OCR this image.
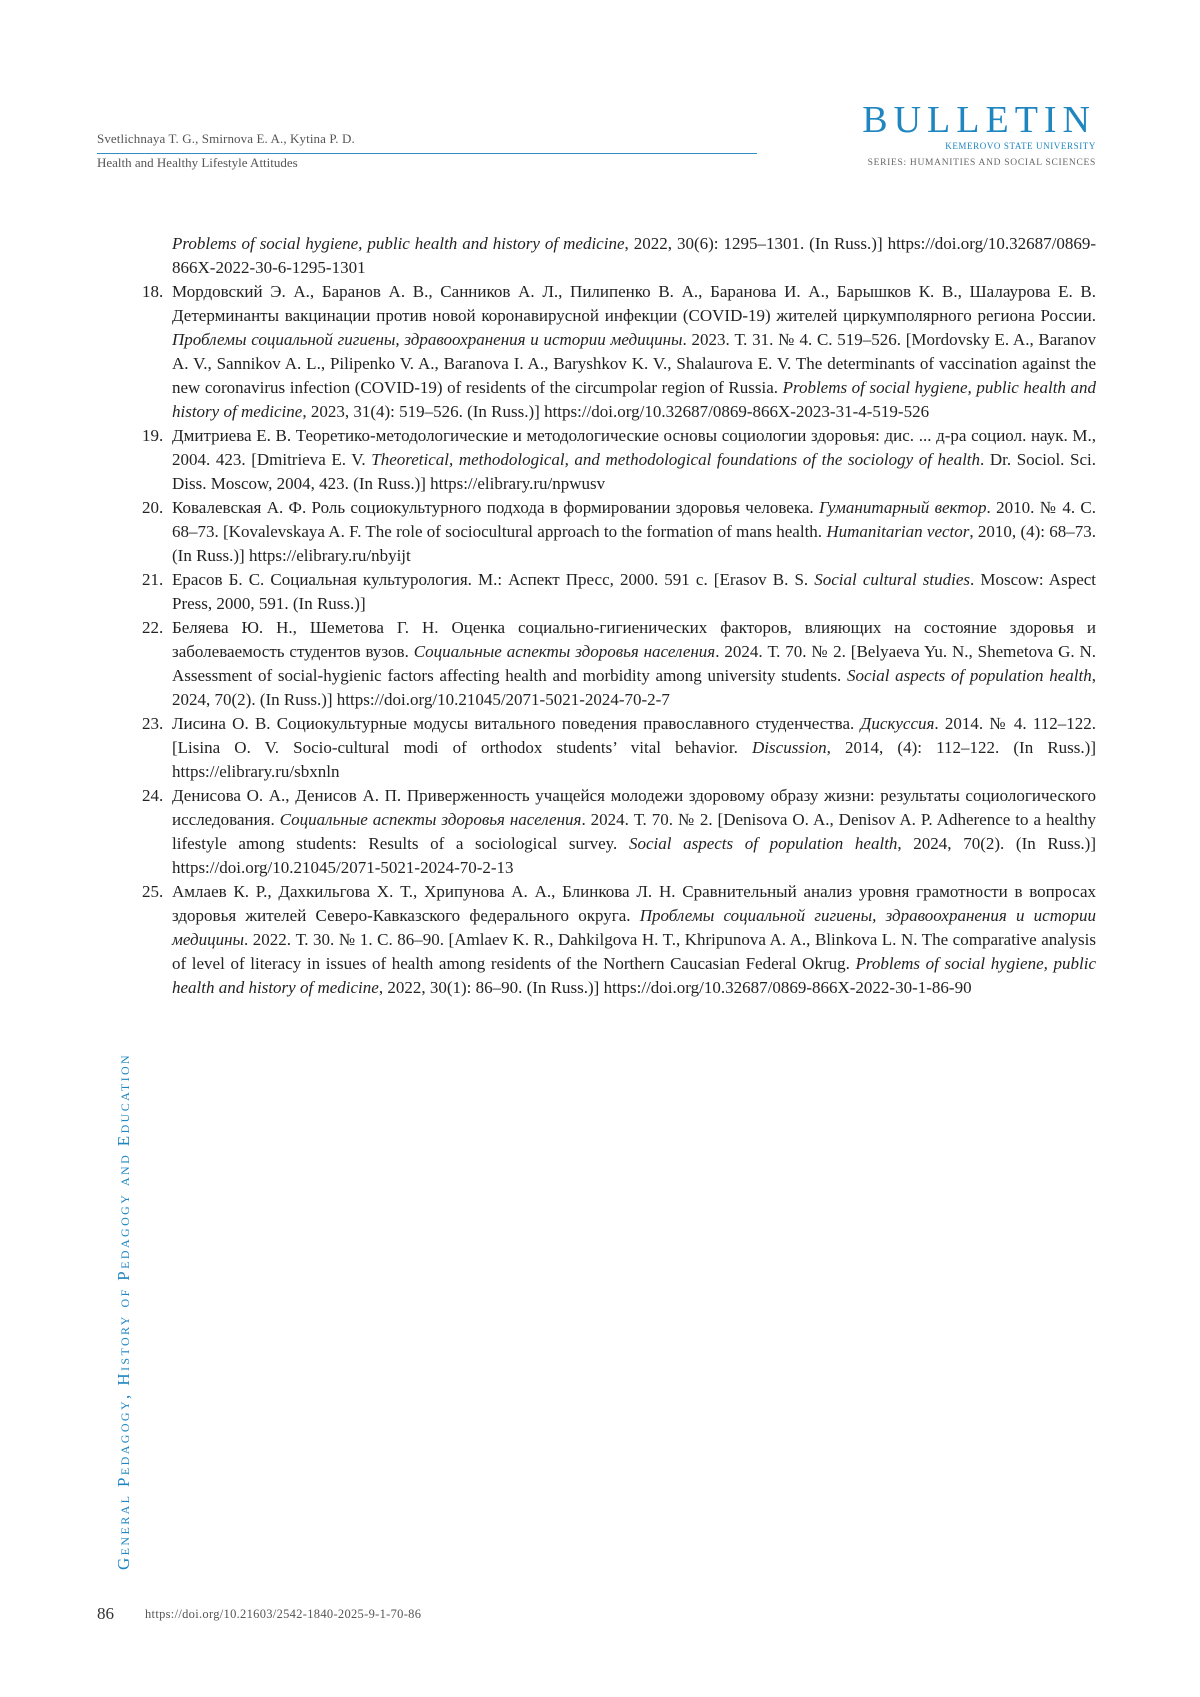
Svetlichnaya T. G., Smirnova E. A., Kytina P. D.
Health and Healthy Lifestyle Attitudes
BULLETIN
KEMEROVO STATE UNIVERSITY
SERIES: HUMANITIES AND SOCIAL SCIENCES
Problems of social hygiene, public health and history of medicine, 2022, 30(6): 1295–1301. (In Russ.)] https://doi.org/10.32687/0869-866X-2022-30-6-1295-1301
18. Мордовский Э. А., Баранов А. В., Санников А. Л., Пилипенко В. А., Баранова И. А., Барышков К. В., Шалаурова Е. В. Детерминанты вакцинации против новой коронавирусной инфекции (COVID-19) жителей циркумполярного региона России. Проблемы социальной гигиены, здравоохранения и истории медицины. 2023. Т. 31. № 4. С. 519–526. [Mordovsky E. A., Baranov A. V., Sannikov A. L., Pilipenko V. A., Baranova I. A., Baryshkov K. V., Shalaurova E. V. The determinants of vaccination against the new coronavirus infection (COVID-19) of residents of the circumpolar region of Russia. Problems of social hygiene, public health and history of medicine, 2023, 31(4): 519–526. (In Russ.)] https://doi.org/10.32687/0869-866X-2023-31-4-519-526
19. Дмитриева Е. В. Теоретико-методологические и методологические основы социологии здоровья: дис. ... д-ра социол. наук. М., 2004. 423. [Dmitrieva E. V. Theoretical, methodological, and methodological foundations of the sociology of health. Dr. Sociol. Sci. Diss. Moscow, 2004, 423. (In Russ.)] https://elibrary.ru/npwusv
20. Ковалевская А. Ф. Роль социокультурного подхода в формировании здоровья человека. Гуманитарный вектор. 2010. № 4. С. 68–73. [Kovalevskaya A. F. The role of sociocultural approach to the formation of mans health. Humanitarian vector, 2010, (4): 68–73. (In Russ.)] https://elibrary.ru/nbyijt
21. Ерасов Б. С. Социальная культурология. М.: Аспект Пресс, 2000. 591 с. [Erasov B. S. Social cultural studies. Moscow: Aspect Press, 2000, 591. (In Russ.)]
22. Беляева Ю. Н., Шеметова Г. Н. Оценка социально-гигиенических факторов, влияющих на состояние здоровья и заболеваемость студентов вузов. Социальные аспекты здоровья населения. 2024. Т. 70. № 2. [Belyaeva Yu. N., Shemetova G. N. Assessment of social-hygienic factors affecting health and morbidity among university students. Social aspects of population health, 2024, 70(2). (In Russ.)] https://doi.org/10.21045/2071-5021-2024-70-2-7
23. Лисина О. В. Социокультурные модусы витального поведения православного студенчества. Дискуссия. 2014. № 4. 112–122. [Lisina O. V. Socio-cultural modi of orthodox students’ vital behavior. Discussion, 2014, (4): 112–122. (In Russ.)] https://elibrary.ru/sbxnln
24. Денисова О. А., Денисов А. П. Приверженность учащейся молодежи здоровому образу жизни: результаты социологического исследования. Социальные аспекты здоровья населения. 2024. Т. 70. № 2. [Denisova O. A., Denisov A. P. Adherence to a healthy lifestyle among students: Results of a sociological survey. Social aspects of population health, 2024, 70(2). (In Russ.)] https://doi.org/10.21045/2071-5021-2024-70-2-13
25. Амлаев К. Р., Дахкильгова Х. Т., Хрипунова А. А., Блинкова Л. Н. Сравнительный анализ уровня грамотности в вопросах здоровья жителей Северо-Кавказского федерального округа. Проблемы социальной гигиены, здравоохранения и истории медицины. 2022. Т. 30. № 1. С. 86–90. [Amlaev K. R., Dahkilgova H. T., Khripunova A. A., Blinkova L. N. The comparative analysis of level of literacy in issues of health among residents of the Northern Caucasian Federal Okrug. Problems of social hygiene, public health and history of medicine, 2022, 30(1): 86–90. (In Russ.)] https://doi.org/10.32687/0869-866X-2022-30-1-86-90
General Pedagogy, History of Pedagogy and Education
86 https://doi.org/10.21603/2542-1840-2025-9-1-70-86
